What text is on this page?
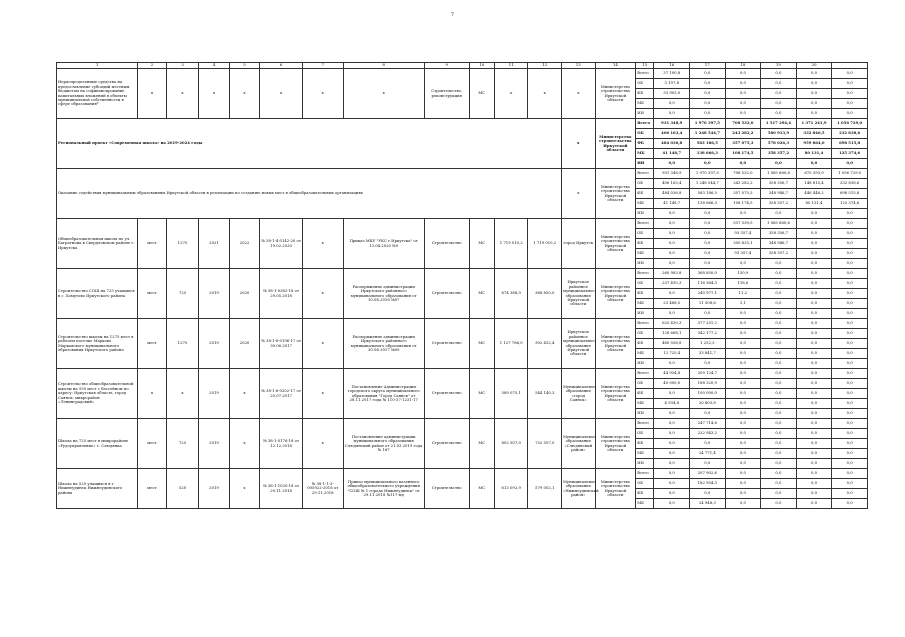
7
1	2	3	4	5	6	7	8	9	10	11	12	13	14	15	16	17	18	19	20	
Нераспределенные средства на предоставление субсидий местным бюджетам на софинансирование капитальных вложений в объекты муниципальной собственности в сфере образования*	х	х	х	х	х	х	х	Строительство, реконструкция	МС	х	х	х	Министерство строительства Иркутской области	Всего	37 100,8	0,0	0,0	0,0	0,0	0,0
														ОБ	3 197,8	0,0	0,0	0,0	0,0	0,0
														ФБ	33 903,0	0,0	0,0	0,0	0,0	0,0
														МБ	0,0	0,0	0,0	0,0	0,0	0,0
														ИИ	0,0	0,0	0,0	0,0	0,0	0,0
Региональный проект «Современная школа» на 2019-2024 годы												х	Министерство строительства Иркутской области	Всего	931 348,9	1 970 397,5	708 532,0	1 517 294,4	1 371 241,9	1 056 729,0
														ОБ	406 163,4	1 248 544,7	243 282,2	580 913,9	332 846,5	232 838,6
														ФБ	484 036,8	583 186,5	357 075,3	578 026,3	959 864,0	698 515,8
														МБ	41 148,7	138 666,3	108 174,5	358 357,2	80 131,4	125 374,6
														ИИ	0,0	0,0	0,0	0,0	0,0	0,0
Оказание содействия муниципальным образованиям Иркутской области в реализации по созданию новых мест в общеобразовательных организациях												х	Министерство строительства Иркутской области	Всего	931 348,9	1 970 397,5	708 532,0	1 065 660,6	675 393,9	1 056 729,0
														ОБ	406 163,4	1 248 544,7	243 282,2	358 356,7	148 815,4	232 838,6
														ФБ	484 036,8	583 186,5	357 075,3	348 946,7	446 446,2	698 515,8
														МБ	41 148,7	138 666,3	108 174,5	358 357,2	80 131,4	125 374,6
														ИИ	0,0	0,0	0,0	0,0	0,0	0,0
Общеобразовательная школа по ул. Багратиона в Свердловском районе г. Иркутска	мест	1275	2021	2022	№ 38-1-4-0142-20 от 19.02.2020	х	Приказ МКУ "УКС г.Иркутска" от 13.04.2020 №9	Строительство	МС	1 719 010,2	1 719 010,2	город Иркутск	Министерство строительства Иркутской области	Всего	0,0	0,0	537 539,5	1 065 660,6	0,0	0,0
														ОБ	0,0	0,0	93 357,4	358 356,7	0,0	0,0
														ФБ	0,0	0,0	350 825,1	348 946,7	0,0	0,0
														МБ	0,0	0,0	93 357,4	358 357,2	0,0	0,0
														ИИ	0,0	0,0	0,0	0,0	0,0	0,0
Строительство СОШ на 725 учащихся в с. Хомутово Иркутского района	мест	725	2019	2020	№ 38-1-0382-18 от 29.05.2018	х	Распоряжение администрации Иркутского районного муниципального образования от 10.08.2018 №87	Строительство	МС	674 388,0	368 850,0	Иркутское районное муниципальное образование Иркутской области	Министерство строительства Иркутской области	Всего	260 983,8	368 850,0	130,9	0,0	0,0	0,0
														ОБ	237 495,3	116 364,3	118,6	0,0	0,0	0,0
														ФБ	0,0	240 977,1	11,2	0,0	0,0	0,0
														МБ	23 488,5	11 508,6	1,1	0,0	0,0	0,0
														ИИ	0,0	0,0	0,0	0,0	0,0	0,0
Строительство школы на 1275 мест в рабочем поселке Марково Марковского муниципального образования Иркутского района	мест	1275	2019	2020	№ 38-1-6-0196-17 от 30.06.2017	х	Распоряжение администрации Иркутского районного муниципального образования от 30.06.2017 №69	Строительство	МС	1 127 786,0	302 452,4	Иркутское районное муниципальное образование Иркутской области	Министерство строительства Иркутской области	Всего	625 430,3	377 251,2	0,0	0,0	0,0	0,0
														ОБ	128 668,1	342 177,2	0,0	0,0	0,0	0,0
														ФБ	480 036,8	1 252,3	0,0	0,0	0,0	0,0
														МБ	12 725,4	33 841,7	0,0	0,0	0,0	0,0
														ИИ	0,0	0,0	0,0	0,0	0,0	0,0
Строительство общеобразовательной школы на 550 мест с бассейном по адресу: Иркутская область, город Саянск, микрорайон «Ленинградский»	х	х	2019	х	№ 38-1-6-0202-17 от 25.07.2017	х	Постановление Администрации городского округа муниципального образования "Город Саянск" от 28.11.2017 года № 110-37-1231-17	Строительство	МС	589 075,1	544 140,3	Муниципальное образование «город Саянск»	Министерство строительства Иркутской области	Всего	44 934,8	209 124,7	0,0	0,0	0,0	0,0
														ОБ	40 000,0	188 320,9	0,0	0,0	0,0	0,0
														ФБ	0,0	100 000,0	0,0	0,0	0,0	0,0
														МБ	4 934,8	20 803,8	0,0	0,0	0,0	0,0
														ИИ	0,0	0,0	0,0	0,0	0,0	0,0
Школа на 725 мест в микрорайоне «Рудоуправление» г. Слюдянка	мест	725	2019	х	№ 38-1-0176-18 от 12.12.2018	х	Постановление администрации муниципального образования Слюдянский район от 21.03.2019 года № 167	Строительство	МС	802 507,0	752 507,0	Муниципальное образование «Слюдянский район»	Министерство строительства Иркутской области	Всего	0,0	247 714,6	0,0	0,0	0,0	0,0
														ОБ	0,0	222 943,2	0,0	0,0	0,0	0,0
														ФБ	0,0	0,0	0,0	0,0	0,0	0,0
														МБ	0,0	24 771,4	0,0	0,0	0,0	0,0
														ИИ	0,0	0,0	0,0	0,0	0,0	0,0
Школа на 520 учащихся в г. Нижнеудинск Нижнеудинского района	мест	520	2019	х	№ 38-1-1020-18 от 29.11.2018	№ 38-1-1-3-005922-2018 от 29.11.2018	Приказ муниципального казенного общеобразовательного учреждения "СОШ № 1 города Нижнеудинск" от 29.11.2018 №117-мд	Строительство	МС	613 092,9	579 002,1	Муниципальное образование «Нижнеудинский район»	Министерство строительства Иркутской области	Всего	0,0	207 902,6	0,0	0,0	0,0	0,0
														ОБ	0,0	182 954,3	0,0	0,0	0,0	0,0
														ФБ	0,0	0,0	0,0	0,0	0,0	0,0
														МБ	0,0	24 948,3	0,0	0,0	0,0	0,0
